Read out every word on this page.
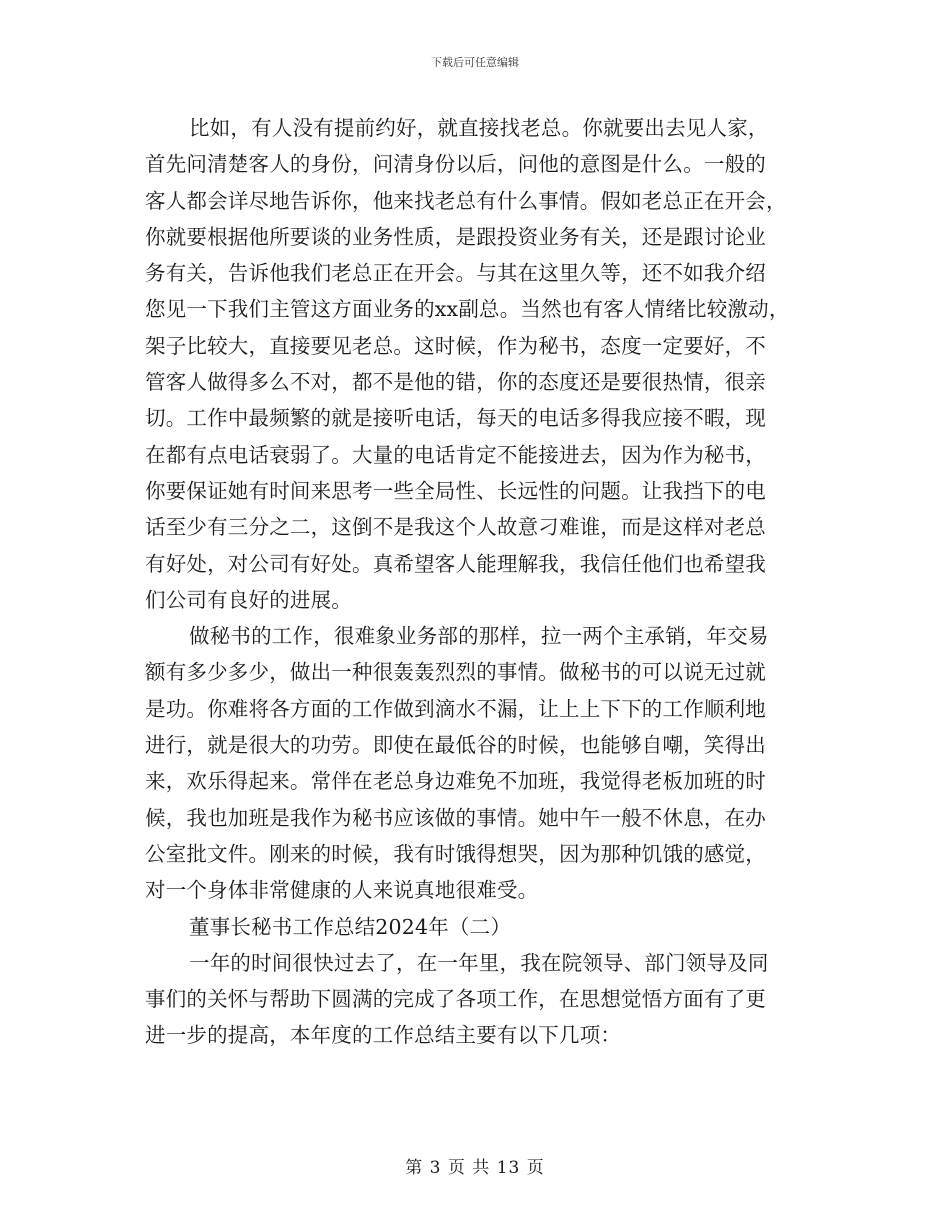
下载后可任意编辑
比如，有人没有提前约好，就直接找老总。你就要出去见人家，
首先问清楚客人的身份，问清身份以后，问他的意图是什么。一般的
客人都会详尽地告诉你，他来找老总有什么事情。假如老总正在开会，
你就要根据他所要谈的业务性质，是跟投资业务有关，还是跟讨论业
务有关，告诉他我们老总正在开会。与其在这里久等，还不如我介绍
您见一下我们主管这方面业务的xx副总。当然也有客人情绪比较激动，
架子比较大，直接要见老总。这时候，作为秘书，态度一定要好，不
管客人做得多么不对，都不是他的错，你的态度还是要很热情，很亲
切。工作中最频繁的就是接听电话，每天的电话多得我应接不暇，现
在都有点电话衰弱了。大量的电话肯定不能接进去，因为作为秘书，
你要保证她有时间来思考一些全局性、长远性的问题。让我挡下的电
话至少有三分之二，这倒不是我这个人故意刁难谁，而是这样对老总
有好处，对公司有好处。真希望客人能理解我，我信任他们也希望我
们公司有良好的进展。
做秘书的工作，很难象业务部的那样，拉一两个主承销，年交易
额有多少多少，做出一种很轰轰烈烈的事情。做秘书的可以说无过就
是功。你难将各方面的工作做到滴水不漏，让上上下下的工作顺利地
进行，就是很大的功劳。即使在最低谷的时候，也能够自嘲，笑得出
来，欢乐得起来。常伴在老总身边难免不加班，我觉得老板加班的时
候，我也加班是我作为秘书应该做的事情。她中午一般不休息，在办
公室批文件。刚来的时候，我有时饿得想哭，因为那种饥饿的感觉，
对一个身体非常健康的人来说真地很难受。
董事长秘书工作总结2024年（二）
一年的时间很快过去了，在一年里，我在院领导、部门领导及同
事们的关怀与帮助下圆满的完成了各项工作，在思想觉悟方面有了更
进一步的提高，本年度的工作总结主要有以下几项：
第 3 页 共 13 页
